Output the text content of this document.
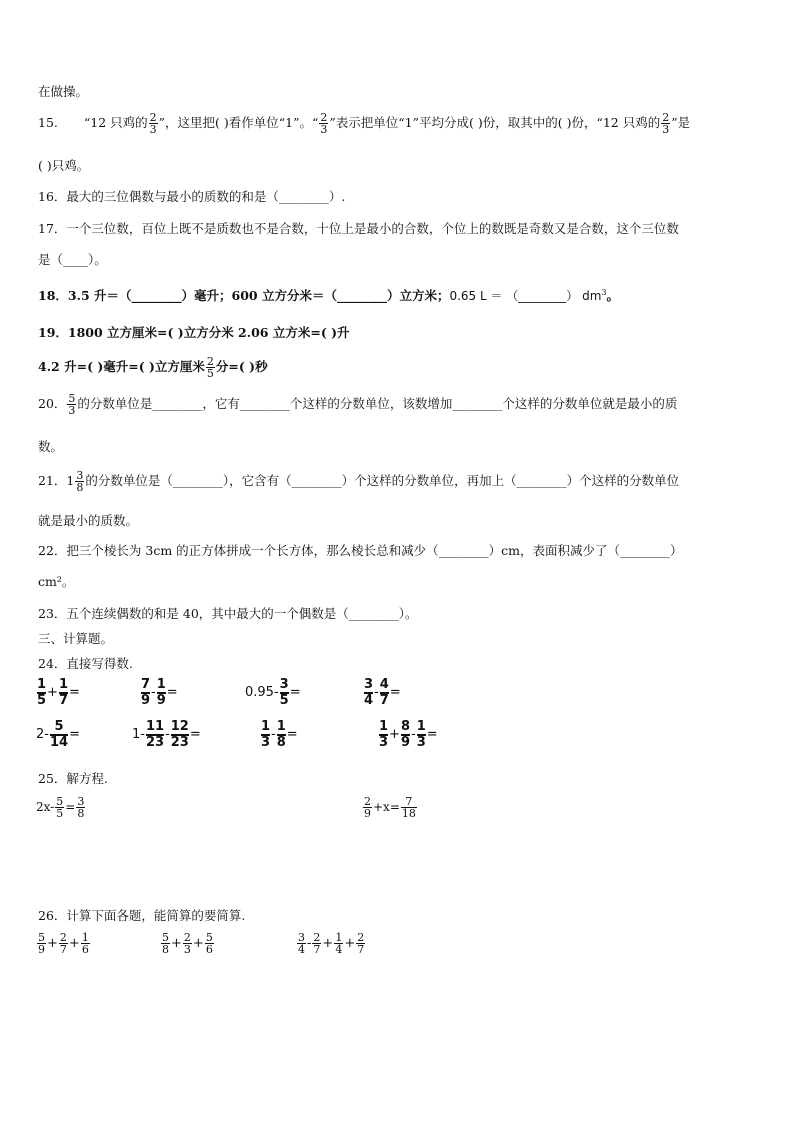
在做操。
15. “12 只鸡的 $\frac{2}{3}$ ”，这里把( )看作单位“1”。“ $\frac{2}{3}$ ”表示把单位“1”平均分成( )份，取其中的( )份，“12 只鸡的 $\frac{2}{3}$ ”是
( )只鸡。
16．最大的三位偶数与最小的质数的和是（________）.
17．一个三位数，百位上既不是质数也不是合数，十位上是最小的合数，个位上的数既是奇数又是合数，这个三位数
是（____）。
18．3.5 升＝（________）毫升；600 立方分米＝（________）立方米；0.65 L ＝ （________） $dm^3$。
19．1800 立方厘米=( )立方分米 2.06 立方米=( )升
4.2 升=( )毫升=( )立方厘米 $\frac{2}{5}$ 分=( )秒
20． $\frac{5}{3}$ 的分数单位是________，它有________个这样的分数单位，该数增加________个这样的分数单位就是最小的质
数。
21．$1 \frac{3}{8}$ 的分数单位是（________），它含有（________）个这样的分数单位，再加上（________）个这样的分数单位
就是最小的质数。
22．把三个棱长为 3cm 的正方体拼成一个长方体，那么棱长总和减少（________）cm，表面积减少了（________）
cm²。
23．五个连续偶数的和是 40，其中最大的一个偶数是（________）。
三、计算题。
24．直接写得数.
$\frac{1}{5} + \frac{1}{7}$ =	$\frac{7}{9} - \frac{1}{9}$ =	$0.95- \frac{3}{5}$ =	$\frac{3}{4} - \frac{4}{7}$ =
$2- \frac{5}{14}$ =	$1- \frac{11}{23} - \frac{12}{23}$ =	$\frac{1}{3} - \frac{1}{8}$ =	$\frac{1}{3} + \frac{8}{9} - \frac{1}{3}$ =
25．解方程.
$2x- \frac{5}{5} = \frac{3}{8}$	$\frac{2}{9} +x= \frac{7}{18}$
26．计算下面各题，能简算的要简算.
$\frac{5}{9} + \frac{2}{7} + \frac{1}{6}$	$\frac{5}{8} + \frac{2}{3} + \frac{5}{6}$	$\frac{3}{4} - \frac{2}{7} + \frac{1}{4} + \frac{2}{7}$
